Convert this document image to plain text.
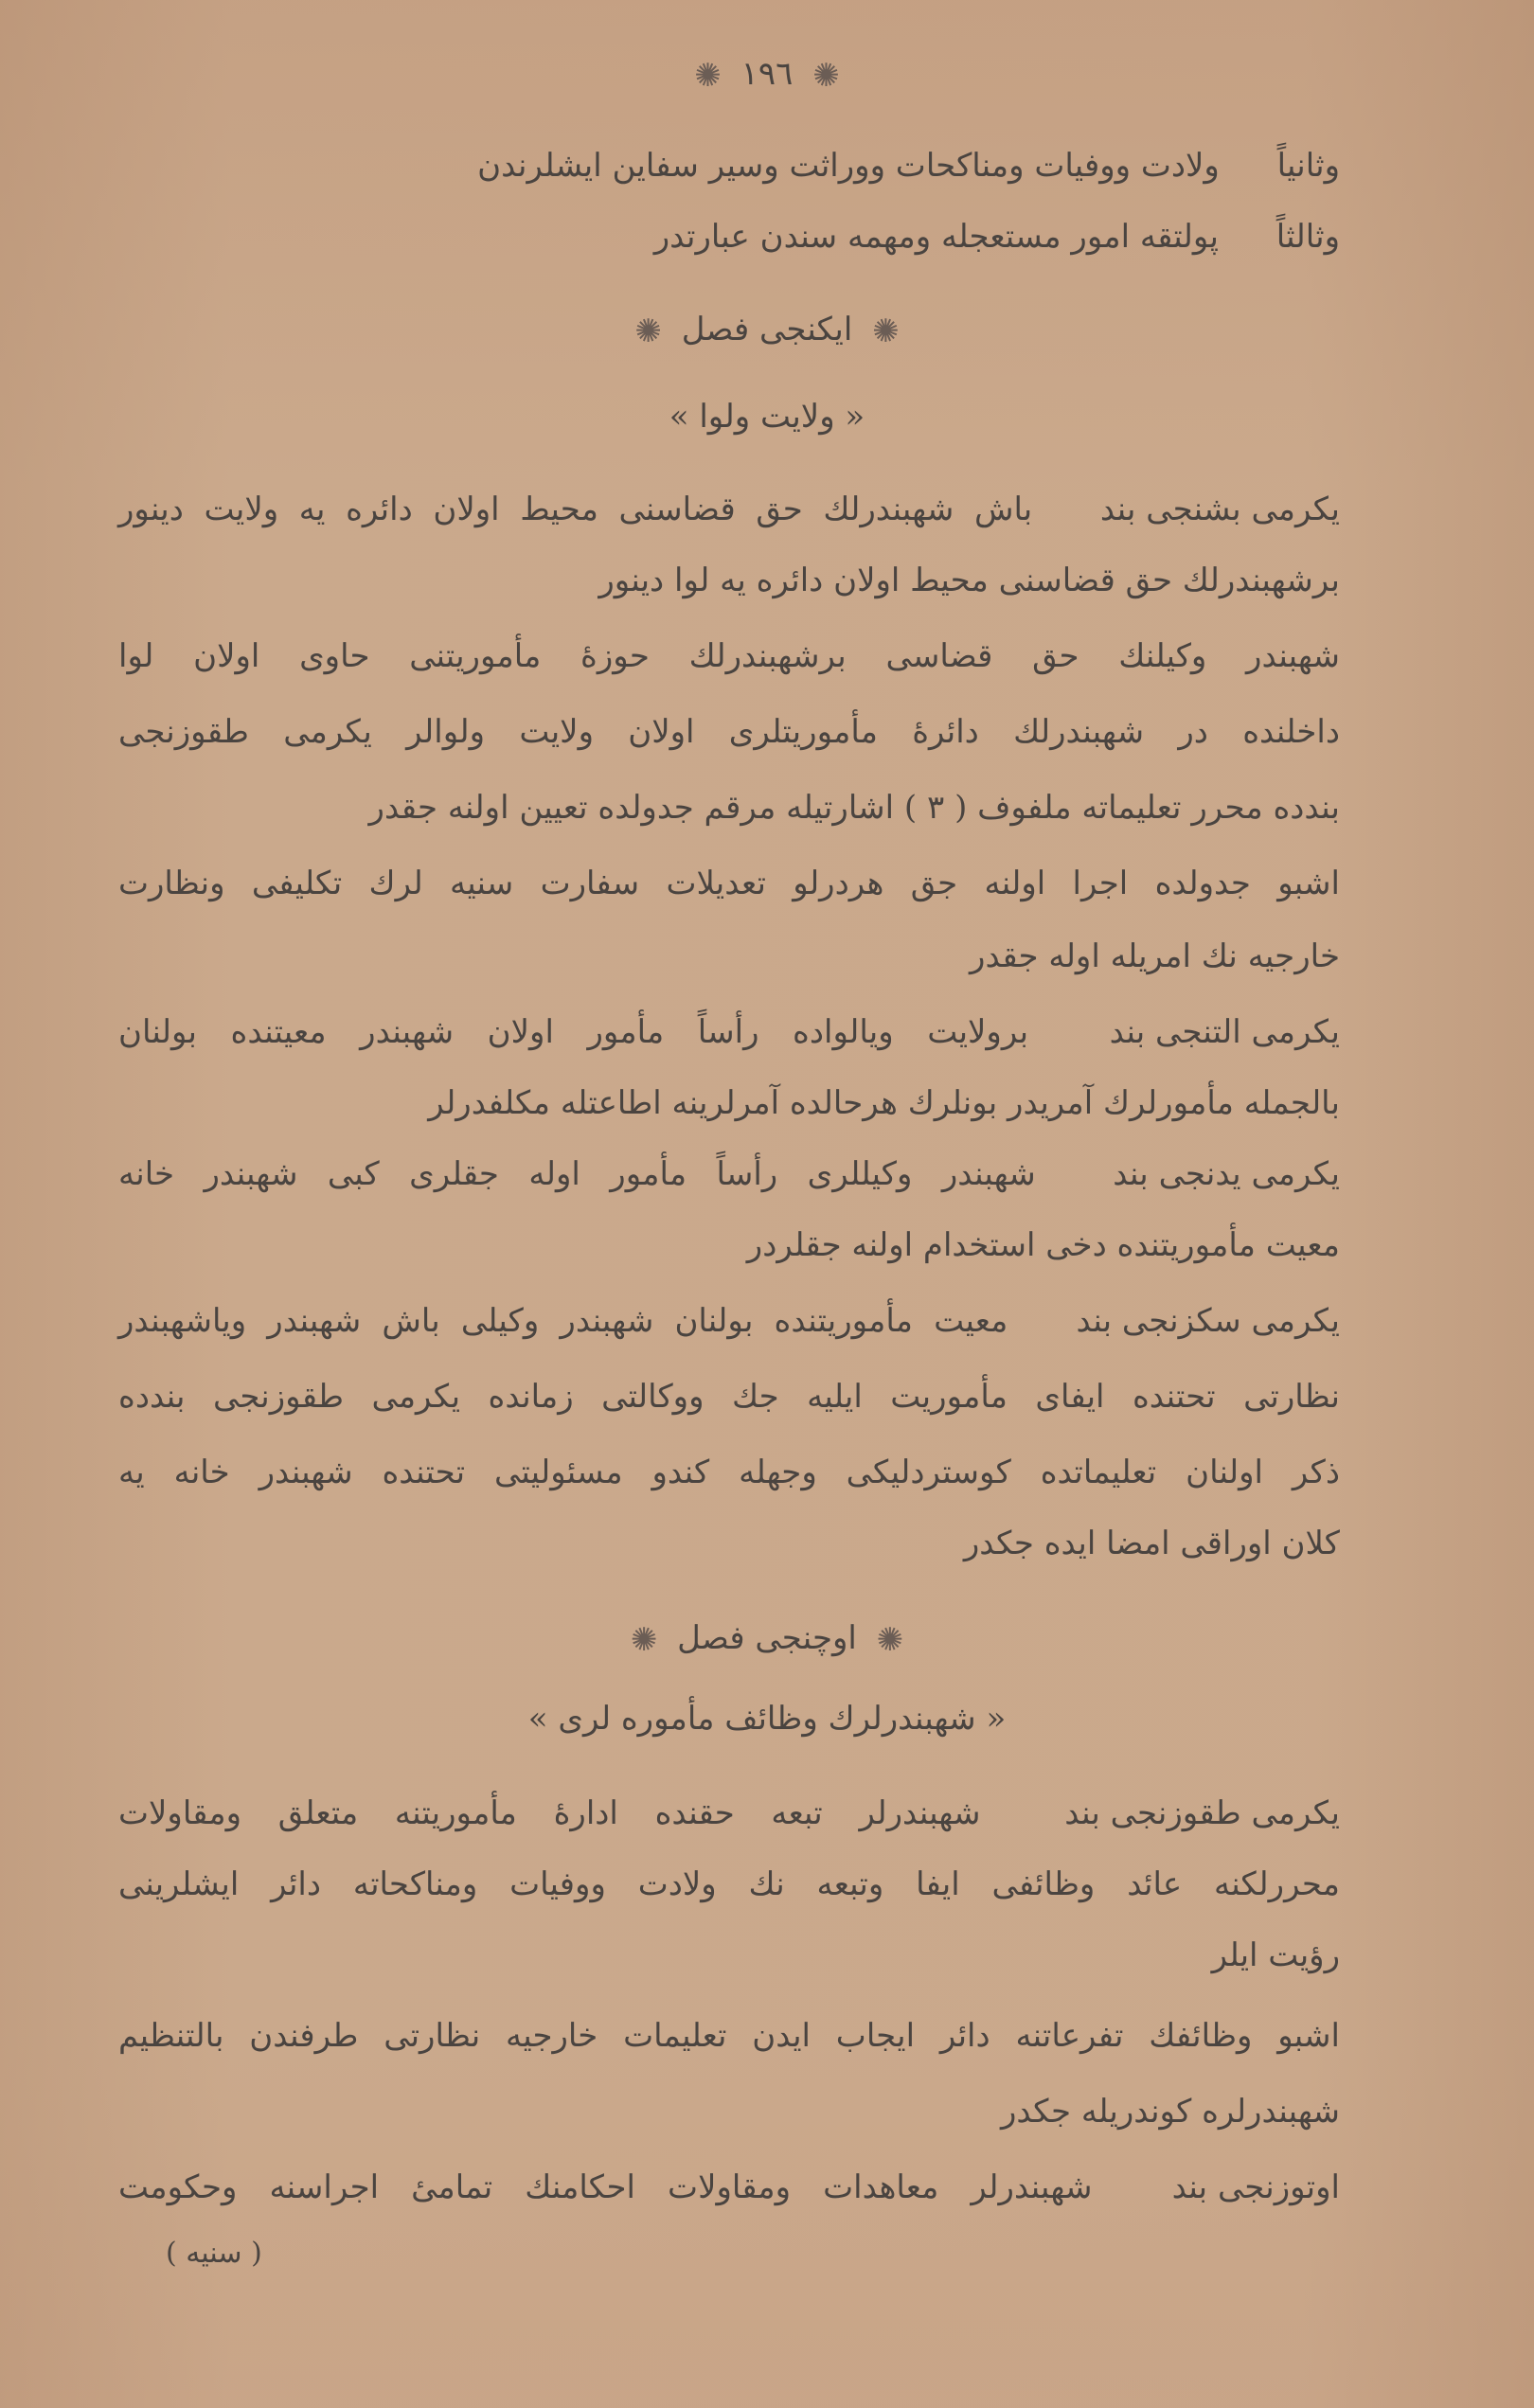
✺ ١٩٦ ✺
وثانياً ولادت ووفيات ومناكحات ووراثت وسير سفاين ايشلرندن
وثالثاً پولتقه امور مستعجله ومهمه سندن عبارتدر
✺ ايكنجى فصل ✺
« ولايت ولوا »
يكرمى بشنجى بند باش شهبندرلك حق قضاسنى محيط اولان دائره يه ولايت دينور
برشهبندرلك حق قضاسنى محيط اولان دائره يه لوا دينور
شهبندر وكيلنك حق قضاسى برشهبندرلك حوزهٔ مأموريتنى حاوى اولان لوا
داخلنده در شهبندرلك دائرهٔ مأموريتلرى اولان ولايت ولوالر يكرمى طقوزنجى
بندده محرر تعليماته ملفوف ( ٣ ) اشارتيله مرقم جدولده تعيين اولنه جقدر
اشبو جدولده اجرا اولنه جق هردرلو تعديلات سفارت سنيه لرك تكليفى ونظارت
خارجيه نك امريله اوله جقدر
يكرمى التنجى بند برولايت ويالواده رأساً مأمور اولان شهبندر معيتنده بولنان
بالجمله مأمورلرك آمريدر بونلرك هرحالده آمرلرينه اطاعتله مكلفدرلر
يكرمى يدنجى بند شهبندر وكيللرى رأساً مأمور اوله جقلرى كبى شهبندر خانه
معيت مأموريتنده دخى استخدام اولنه جقلردر
يكرمى سكزنجى بند معيت مأموريتنده بولنان شهبندر وكيلى باش شهبندر وياشهبندر
نظارتى تحتنده ايفاى مأموريت ايليه جك ووكالتى زمانده يكرمى طقوزنجى بندده
ذكر اولنان تعليماتده كوستردليكى وجهله كندو مسئوليتى تحتنده شهبندر خانه يه
كلان اوراقى امضا ايده جكدر
✺ اوچنجى فصل ✺
« شهبندرلرك وظائف مأموره لرى »
يكرمى طقوزنجى بند شهبندرلر تبعه حقنده ادارهٔ مأموريتنه متعلق ومقاولات
محررلكنه عائد وظائفى ايفا وتبعه نك ولادت ووفيات ومناكحاته دائر ايشلرينى
رؤيت ايلر
اشبو وظائفك تفرعاتنه دائر ايجاب ايدن تعليمات خارجيه نظارتى طرفندن بالتنظيم
شهبندرلره كوندريله جكدر
اوتوزنجى بند شهبندرلر معاهدات ومقاولات احكامنك تمامىٔ اجراسنه وحكومت
( سنيه )
